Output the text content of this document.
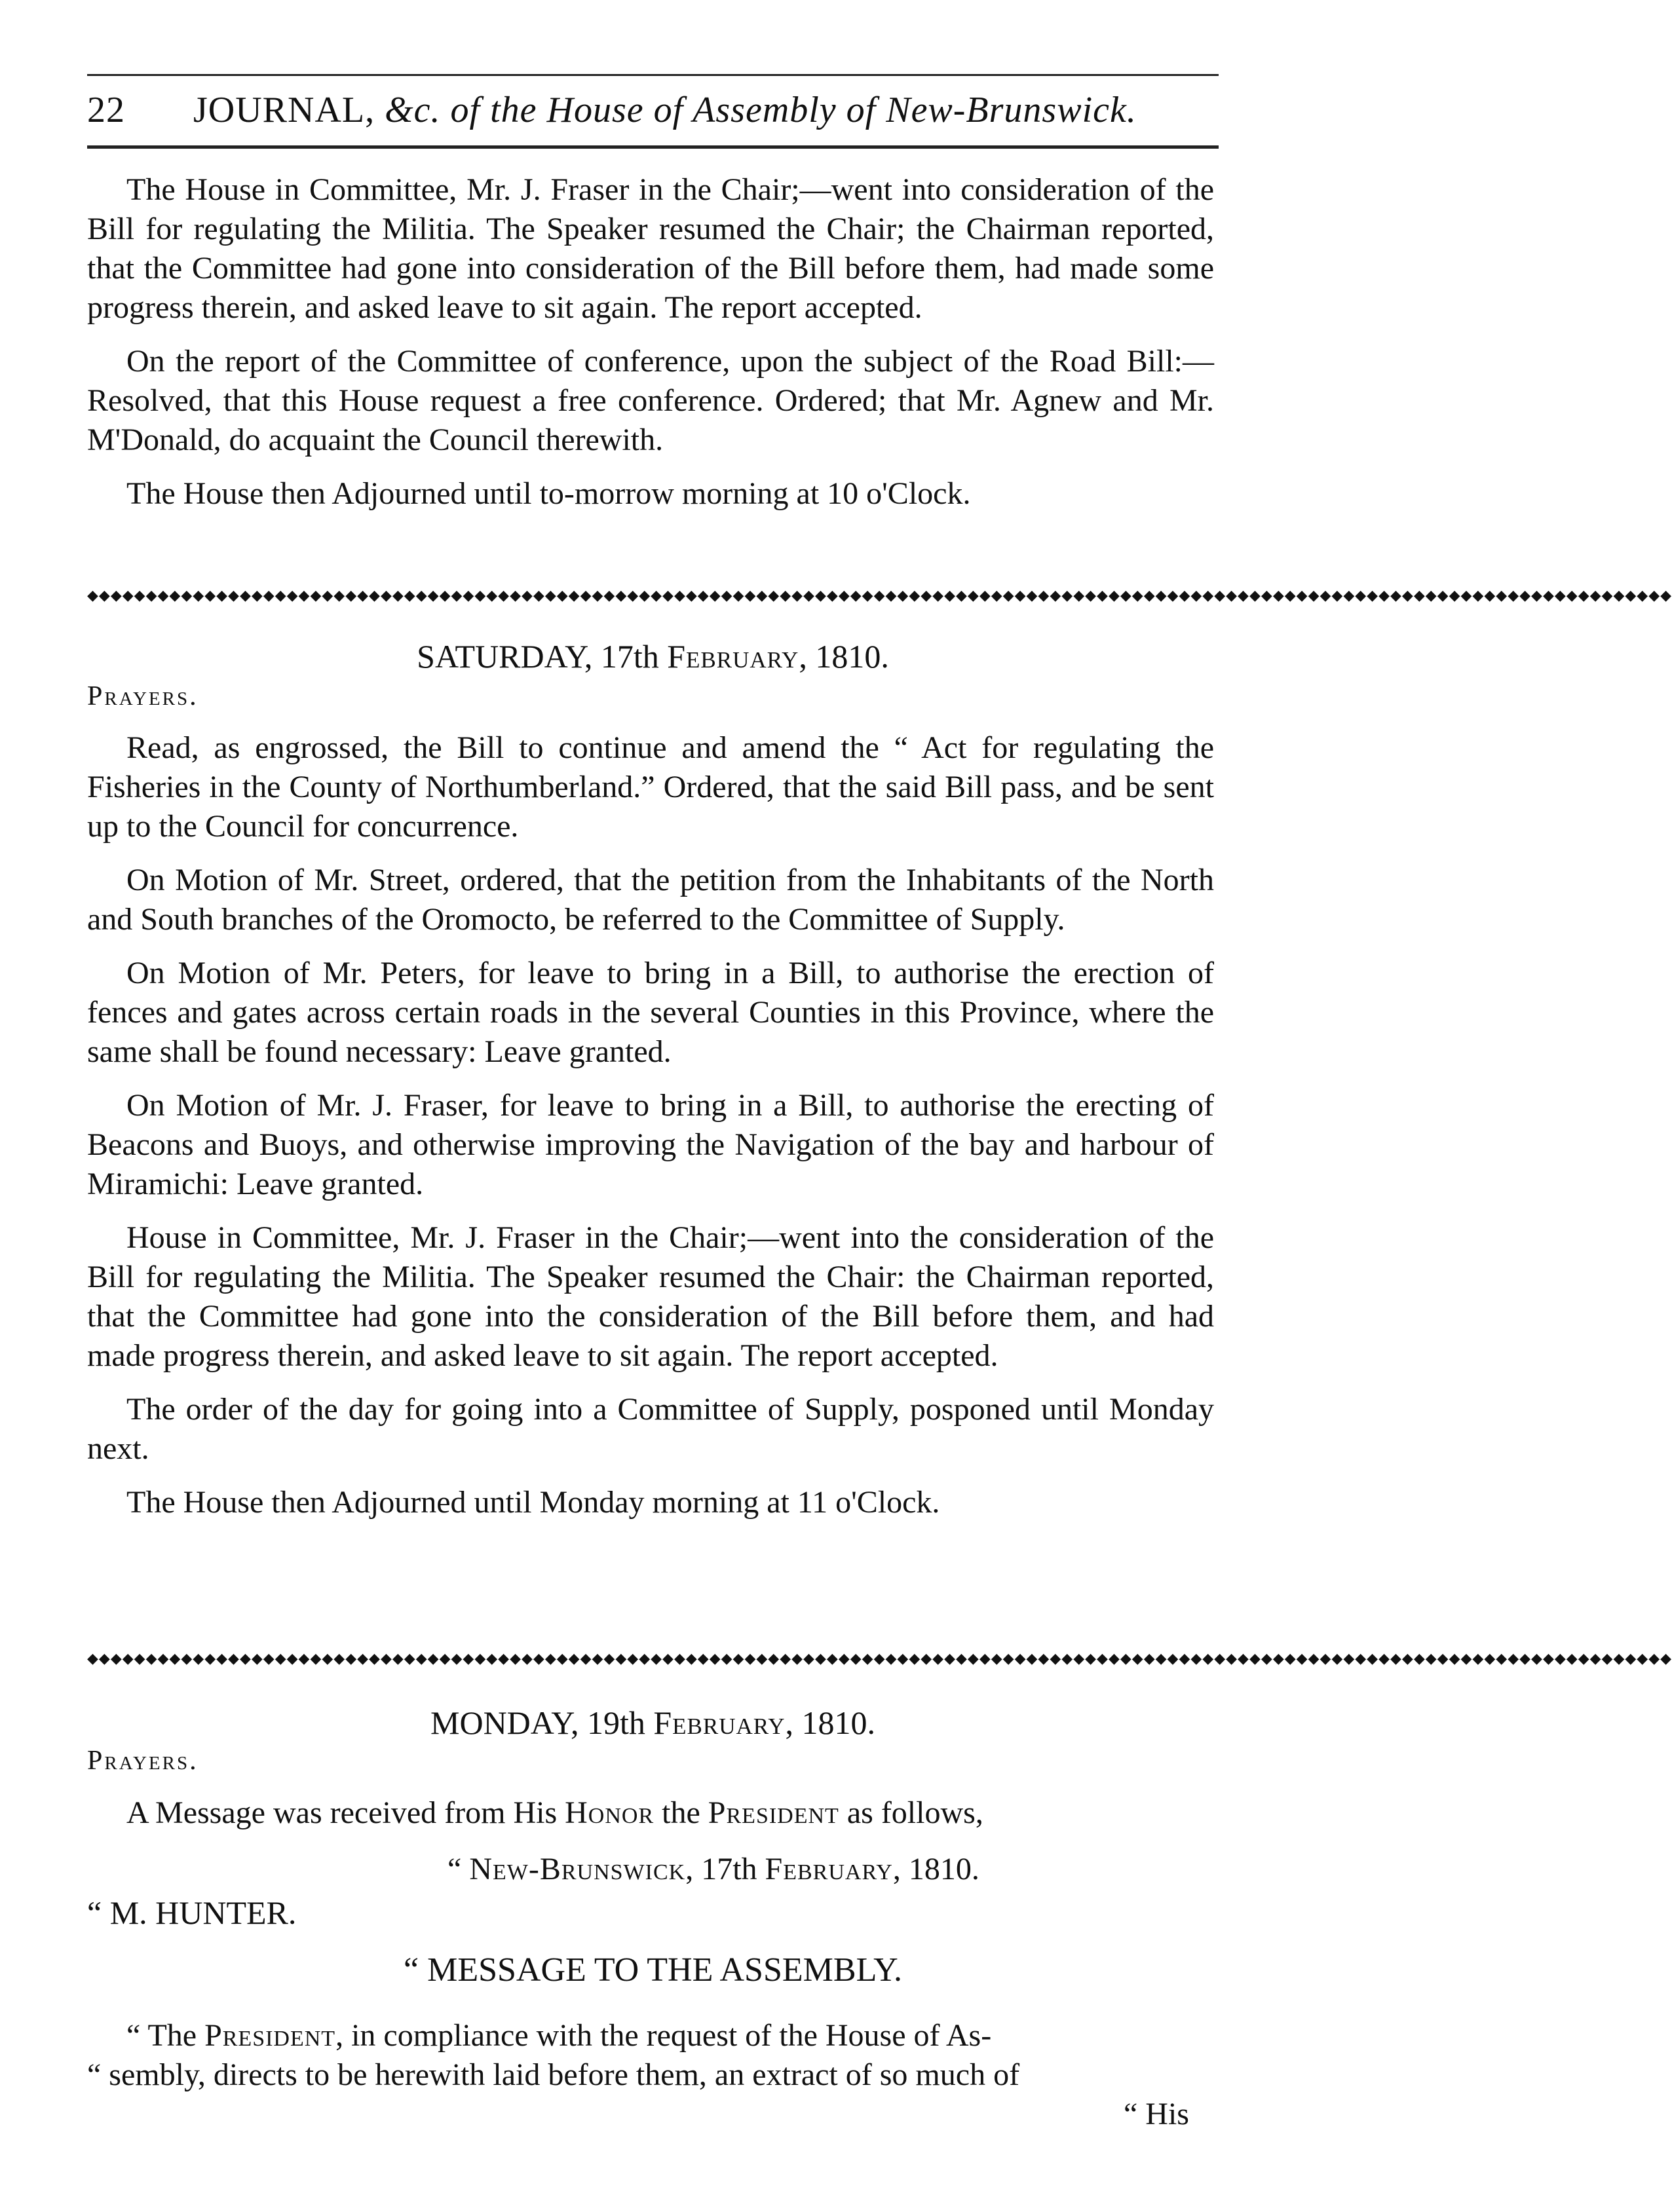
22 JOURNAL, &c. of the House of Assembly of New-Brunswick.

The House in Committee, Mr. J. Fraser in the Chair;—went into consideration of the Bill for regulating the Militia. The Speaker resumed the Chair; the Chairman reported, that the Committee had gone into consideration of the Bill before them, had made some progress therein, and asked leave to sit again. The report accepted.

On the report of the Committee of conference, upon the subject of the Road Bill:—Resolved, that this House request a free conference. Ordered; that Mr. Agnew and Mr. M'Donald, do acquaint the Council therewith.

The House then Adjourned until to-morrow morning at 10 o'Clock.

◆◆◆◆◆◆◆◆◆◆◆◆◆◆◆◆◆◆◆◆◆◆◆◆◆◆◆◆◆◆◆◆◆◆◆◆◆◆◆◆◆◆◆◆◆◆◆◆◆◆◆◆◆◆◆◆◆◆◆◆◆◆◆◆◆◆◆◆◆◆◆◆◆◆◆◆◆◆◆◆◆◆◆◆◆◆◆◆◆◆◆◆◆◆◆◆◆◆◆◆◆◆◆◆◆◆◆◆◆◆◆◆◆◆◆◆◆◆◆◆◆◆◆◆◆◆◆◆◆◆◆◆◆◆◆
SATURDAY, 17th February, 1810.
Prayers.

Read, as engrossed, the Bill to continue and amend the “ Act for regulating the Fisheries in the County of Northumberland.” Ordered, that the said Bill pass, and be sent up to the Council for concurrence.

On Motion of Mr. Street, ordered, that the petition from the Inhabitants of the North and South branches of the Oromocto, be referred to the Committee of Supply.

On Motion of Mr. Peters, for leave to bring in a Bill, to authorise the erection of fences and gates across certain roads in the several Counties in this Province, where the same shall be found necessary: Leave granted.

On Motion of Mr. J. Fraser, for leave to bring in a Bill, to authorise the erecting of Beacons and Buoys, and otherwise improving the Navigation of the bay and harbour of Miramichi: Leave granted.

House in Committee, Mr. J. Fraser in the Chair;—went into the consideration of the Bill for regulating the Militia. The Speaker resumed the Chair: the Chairman reported, that the Committee had gone into the consideration of the Bill before them, and had made progress therein, and asked leave to sit again. The report accepted.

The order of the day for going into a Committee of Supply, posponed until Monday next.

The House then Adjourned until Monday morning at 11 o'Clock.

◆◆◆◆◆◆◆◆◆◆◆◆◆◆◆◆◆◆◆◆◆◆◆◆◆◆◆◆◆◆◆◆◆◆◆◆◆◆◆◆◆◆◆◆◆◆◆◆◆◆◆◆◆◆◆◆◆◆◆◆◆◆◆◆◆◆◆◆◆◆◆◆◆◆◆◆◆◆◆◆◆◆◆◆◆◆◆◆◆◆◆◆◆◆◆◆◆◆◆◆◆◆◆◆◆◆◆◆◆◆◆◆◆◆◆◆◆◆◆◆◆◆◆◆◆◆◆◆◆◆◆◆◆◆◆
MONDAY, 19th February, 1810.
Prayers.

A Message was received from His Honor the President as follows,

“ New-Brunswick, 17th February, 1810.

“ M. HUNTER.

“ MESSAGE TO THE ASSEMBLY.

“ The President, in compliance with the request of the House of As-

“ sembly, directs to be herewith laid before them, an extract of so much of

“ His
